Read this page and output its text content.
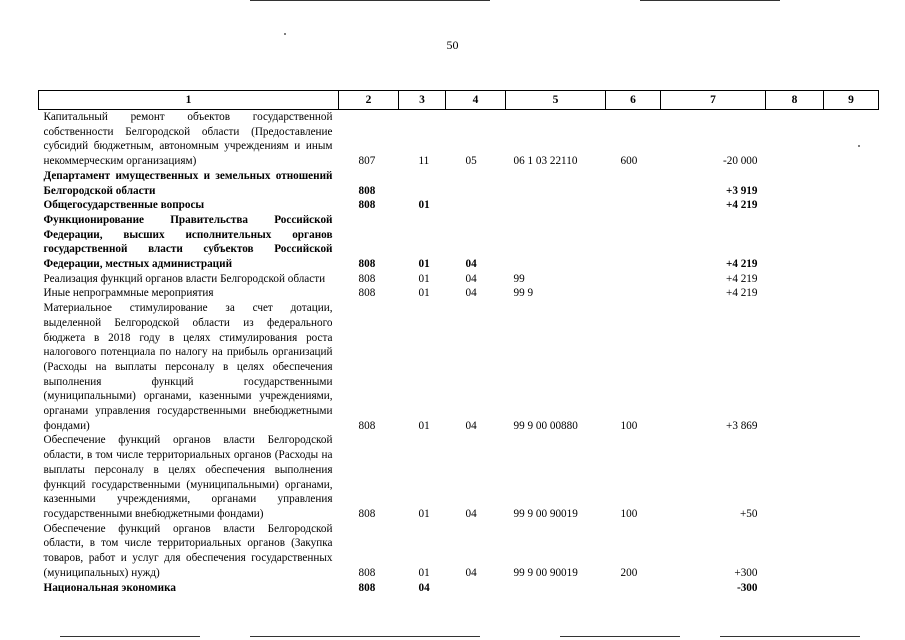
50
1	2	3	4	5	6	7	8	9
Капитальный ремонт объектов государственной собственности Белгородской области (Предоставление субсидий бюджетным, автономным учреждениям и иным некоммерческим организациям)	807	11	05	06 1 03 22110	600	-20 000		
Департамент имущественных и земельных отношений Белгородской области	808					+3 919		
Общегосударственные вопросы	808	01				+4 219		
Функционирование Правительства Российской Федерации, высших исполнительных органов государственной власти субъектов Российской Федерации, местных администраций	808	01	04			+4 219		
Реализация функций органов власти Белгородской области	808	01	04	99		+4 219		
Иные непрограммные мероприятия	808	01	04	99 9		+4 219		
Материальное стимулирование за счет дотации, выделенной Белгородской области из федерального бюджета в 2018 году в целях стимулирования роста налогового потенциала по налогу на прибыль организаций (Расходы на выплаты персоналу в целях обеспечения выполнения функций государственными (муниципальными) органами, казенными учреждениями, органами управления государственными внебюджетными фондами)	808	01	04	99 9 00 00880	100	+3 869		
Обеспечение функций органов власти Белгородской области, в том числе территориальных органов (Расходы на выплаты персоналу в целях обеспечения выполнения функций государственными (муниципальными) органами, казенными учреждениями, органами управления государственными внебюджетными фондами)	808	01	04	99 9 00 90019	100	+50		
Обеспечение функций органов власти Белгородской области, в том числе территориальных органов (Закупка товаров, работ и услуг для обеспечения государственных (муниципальных) нужд)	808	01	04	99 9 00 90019	200	+300		
Национальная экономика	808	04				-300		
